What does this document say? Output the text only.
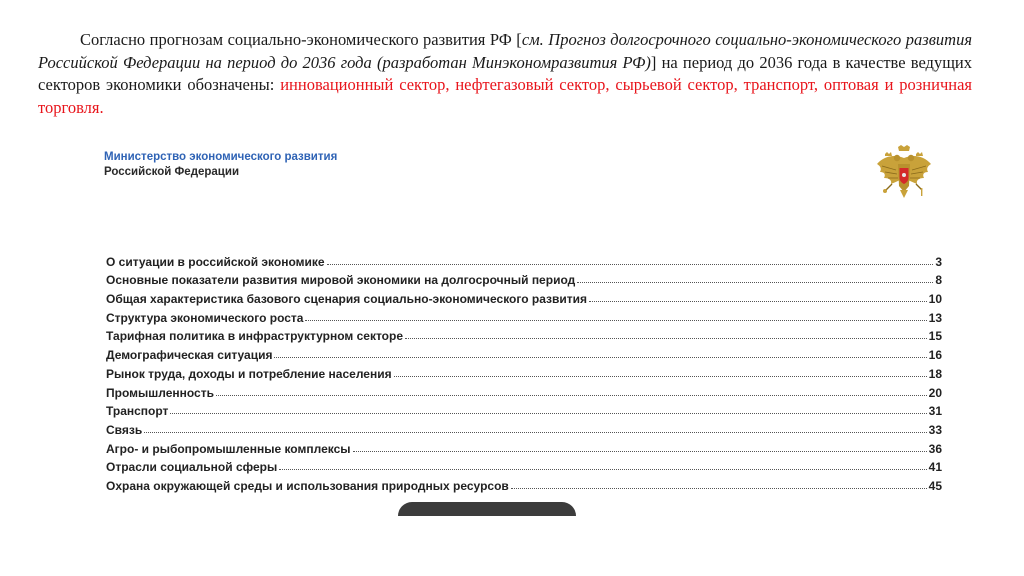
Согласно прогнозам социально-экономического развития РФ [см. Прогноз долгосрочного социально-экономического развития Российской Федерации на период до 2036 года (разработан Минэкономразвития РФ)] на период до 2036 года в качестве ведущих секторов экономики обозначены: инновационный сектор, нефтегазовый сектор, сырьевой сектор, транспорт, оптовая и розничная торговля.
Министерство экономического развития
Российской Федерации
О ситуации в российской экономике	3
Основные показатели развития мировой экономики на долгосрочный период	8
Общая характеристика базового сценария социально-экономического развития	10
Структура экономического роста	13
Тарифная политика в инфраструктурном секторе	15
Демографическая ситуация	16
Рынок труда, доходы и потребление населения	18
Промышленность	20
Транспорт	31
Связь	33
Агро- и рыбопромышленные комплексы	36
Отрасли социальной сферы	41
Охрана окружающей среды и использования природных ресурсов	45
